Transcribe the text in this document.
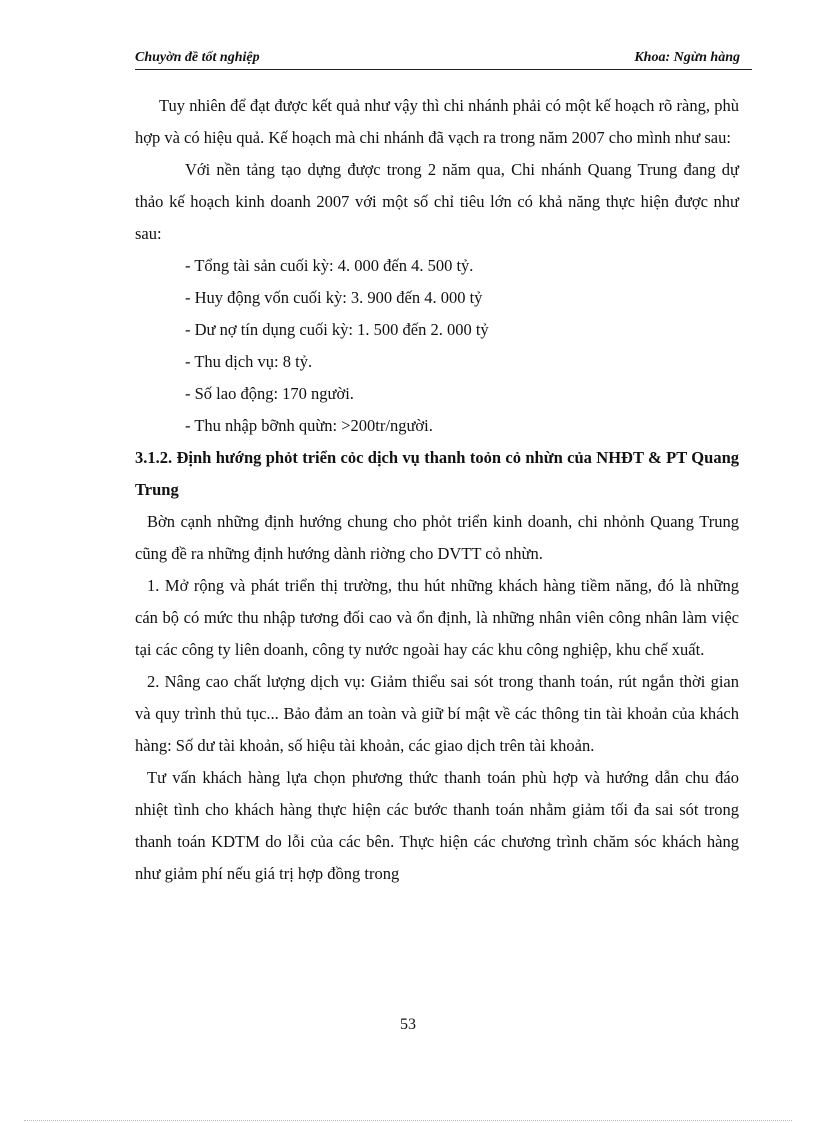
Chuyờn đề tốt nghiệp	Khoa: Ngừn hàng

Tuy nhiên để đạt được kết quả như vậy thì chi nhánh phải có một kế hoạch rõ ràng, phù hợp và có hiệu quả. Kế hoạch mà chi nhánh đã vạch ra trong năm 2007 cho mình như sau:

Với nền tảng tạo dựng được trong 2 năm qua, Chi nhánh Quang Trung đang dự thảo kế hoạch kinh doanh 2007 với một số chỉ tiêu lớn có khả năng thực hiện được như sau:

- Tổng tài sản cuối kỳ: 4. 000 đến 4. 500 tỷ.

- Huy động vốn cuối kỳ: 3. 900 đến 4. 000 tỷ

- Dư nợ tín dụng cuối kỳ: 1. 500 đến 2. 000 tỷ

- Thu dịch vụ: 8 tỷ.

- Số lao động: 170 người.

- Thu nhập bỡnh quừn: >200tr/người.

3.1.2. Định hướng phỏt triển cỏc dịch vụ thanh toỏn cỏ nhừn của NHĐT & PT Quang Trung

Bờn cạnh những định hướng chung cho phỏt triển kinh doanh, chi nhỏnh Quang Trung cũng đề ra những định hướng dành riờng cho DVTT cỏ nhừn.

1. Mở rộng và phát triển thị trường, thu hút những khách hàng tiềm năng, đó là những cán bộ có mức thu nhập tương đối cao và ổn định, là những nhân viên công nhân làm việc tại các công ty liên doanh, công ty nước ngoài hay các khu công nghiệp, khu chế xuất.

2. Nâng cao chất lượng dịch vụ: Giảm thiểu sai sót trong thanh toán, rút ngắn thời gian và quy trình thủ tục... Bảo đảm an toàn và giữ bí mật về các thông tin tài khoản của khách hàng: Số dư tài khoản, số hiệu tài khoản, các giao dịch trên tài khoản.

Tư vấn khách hàng lựa chọn phương thức thanh toán phù hợp và hướng dẫn chu đáo nhiệt tình cho khách hàng thực hiện các bước thanh toán nhằm giảm tối đa sai sót trong thanh toán KDTM do lỗi của các bên. Thực hiện các chương trình chăm sóc khách hàng như giảm phí nếu giá trị hợp đồng trong

53
